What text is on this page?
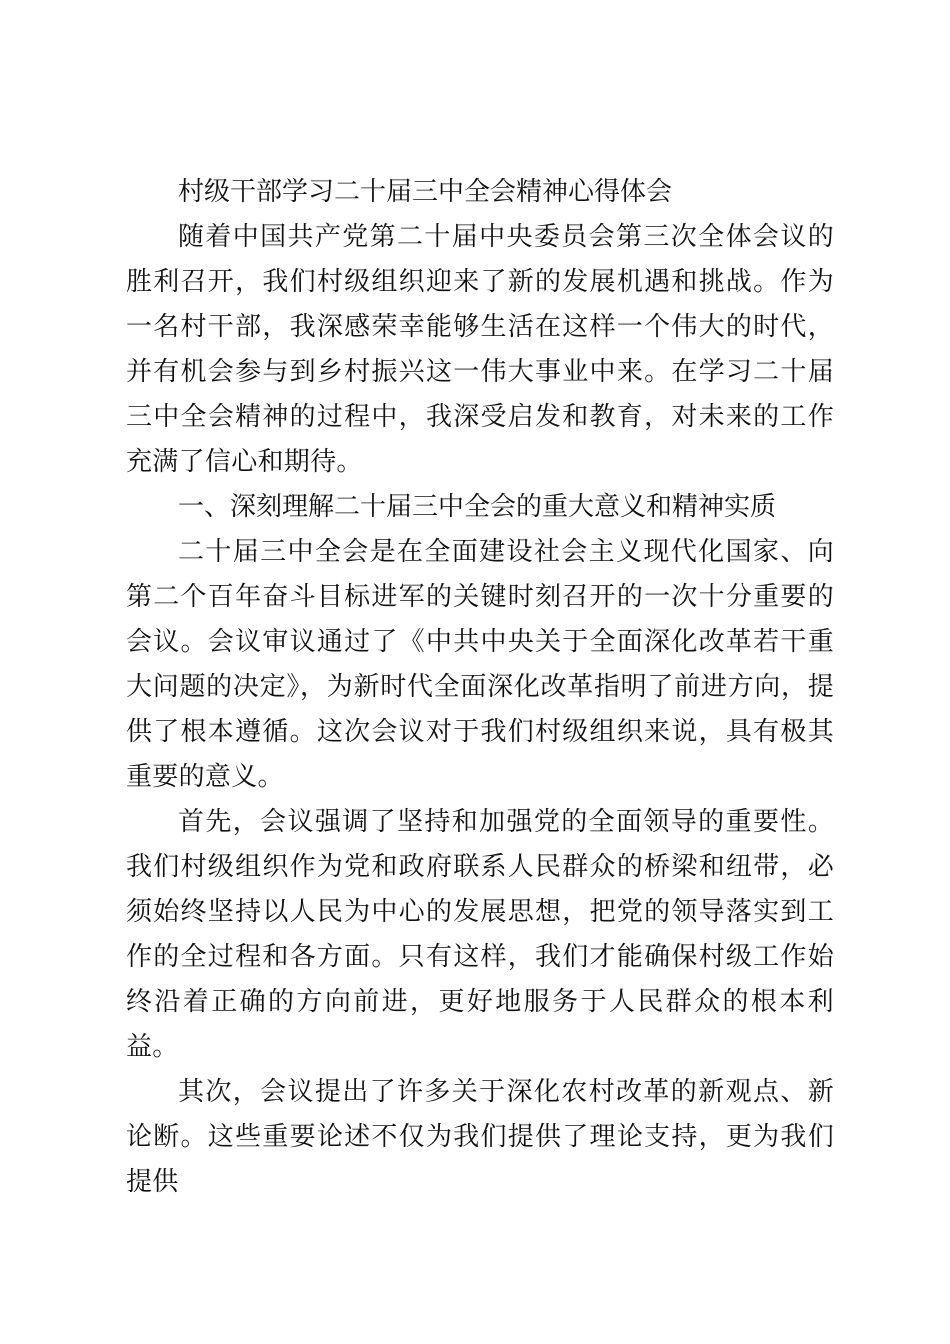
村级干部学习二十届三中全会精神心得体会

随着中国共产党第二十届中央委员会第三次全体会议的胜利召开，我们村级组织迎来了新的发展机遇和挑战。作为一名村干部，我深感荣幸能够生活在这样一个伟大的时代，并有机会参与到乡村振兴这一伟大事业中来。在学习二十届三中全会精神的过程中，我深受启发和教育，对未来的工作充满了信心和期待。

一、深刻理解二十届三中全会的重大意义和精神实质

二十届三中全会是在全面建设社会主义现代化国家、向第二个百年奋斗目标进军的关键时刻召开的一次十分重要的会议。会议审议通过了《中共中央关于全面深化改革若干重大问题的决定》，为新时代全面深化改革指明了前进方向，提供了根本遵循。这次会议对于我们村级组织来说，具有极其重要的意义。

首先，会议强调了坚持和加强党的全面领导的重要性。我们村级组织作为党和政府联系人民群众的桥梁和纽带，必须始终坚持以人民为中心的发展思想，把党的领导落实到工作的全过程和各方面。只有这样，我们才能确保村级工作始终沿着正确的方向前进，更好地服务于人民群众的根本利益。

其次，会议提出了许多关于深化农村改革的新观点、新论断。这些重要论述不仅为我们提供了理论支持，更为我们提供
